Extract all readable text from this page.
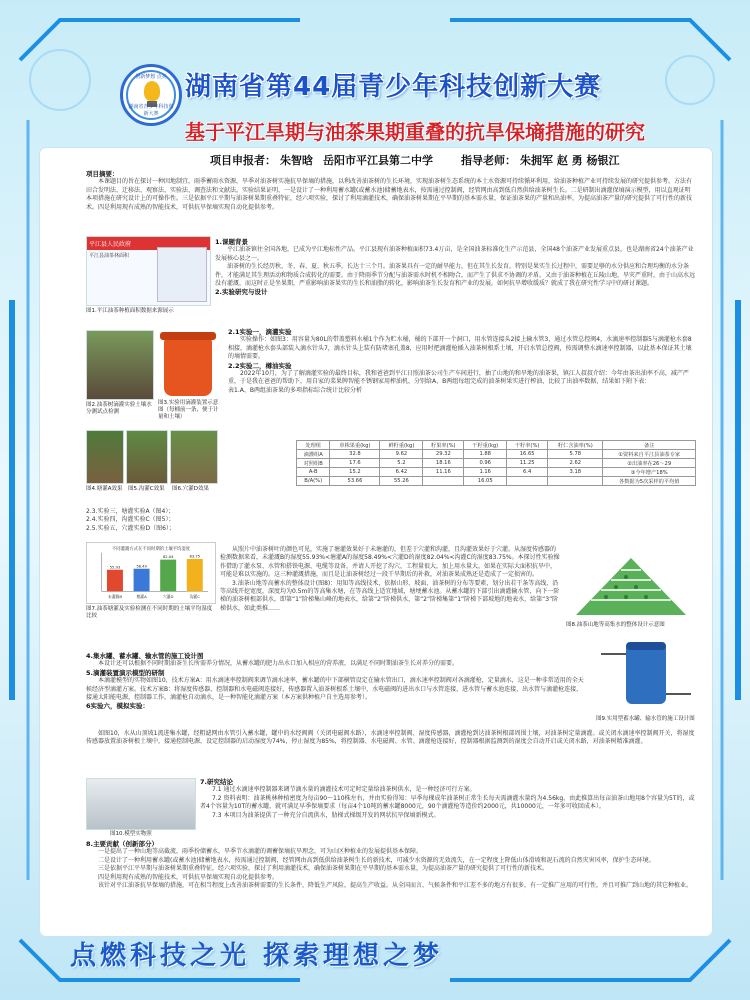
创新梦想 点亮
湖南省青少年科技创新大赛
湖南省第44届青少年科技创新大赛
基于平江旱期与油茶果期重叠的抗旱保墒措施的研究
项目申报者： 朱智晗 岳阳市平江县第二中学	指导老师： 朱拥军 赵 勇 杨银江
项目摘要：
本课题目的旨在探讨一种因地制宜，雨季蓄雨水资源，旱季对油茶树实施抗旱保墒的措施，以利改善油茶树的生长环境，实现油茶树生态系统的本土水资源可持续循环利用，给油茶种植产业可持续发展的研究提供参考。方法有田合发明法、迁移法、观察法、实验法、调查法和文献法。实验结果证明，一是设计了一种利用蓄水罐(或蓄水池)储蓄地表水，按需通过控制阀，经管网由高到低自然供给油茶树生长。二是研制出滴灌保墒演示模型，用以直观证明本项措施在研究设计上的可操作性。三是依据平江平期与油茶树果期重叠特征，经六项实验，探讨了利用滴灌技术，确保油茶树果期在平旱期的基本需水量，保证油茶果的产量和出油率，为提高油茶产量的研究提供了可行性的新技术。四是利用现有成熟的智能技术，可供抗旱保墒实现自动化提供参考。
平江县人民政府
平江县油茶林面积
图1.平江油茶种植面积数据来源展示
1.课题背景
平江油茶镇往全国各地，已成为平江地标性产品。平江县现有油茶种植面积73.4万亩，是全国油茶标准化生产示范县，全国48个油茶产业发展重点县，也是湖南省24个油茶产业发展核心县之一。
油茶树的生长经历秋、冬、春、夏、秋五季，长达十三个月。油茶果具有一定的耐旱能力，但在其生长发育，特别是果实生长过程中，需要足够的水分供应和合理均衡的水分条件，才能满足其生理活动和物质合成转化的需要。由于降雨季节分配与油茶需水时机不相吻合，而产生了供求不协调的矛盾。又由于油茶种植在丘陵山地，旱灾严重时，由于山高水远没有灌溉，而这时正是坐果期，严重影响油茶果实的生长和油脂的转化，影响油茶生长发育和产业的发展。如何抗旱增收缓质？就成了我在研究性学习中的研讨课题。
2.实验研究与设计
图2.油茶树滴灌实验土壤水分测试点检测
图3.实验用滴灌装置示意图（每桶前一条，便于计量和土壤）
2.1实验一，滴灌实验
实验操作：如图3：用容量为80L的带盖塑料水桶1个作为贮水桶，桶的下部开一个洞口，用水管连接头2接上输水管3，通过水管总控阀4，水滴速率控制器5与滴灌枪水套8相接，滴灌枪水套头部装入滴水针头7，滴水针头上装有防堵塞孔盖8，应用时把滴灌枪插入油茶树根系土壤，开启水管总控阀，按需调整水滴速率控制器，以此基本保证其土壤的墒情需要。
2.2实验二，樽油实验
2022年10月，为了了解滴灌实验的最终目标，我和爸爸到平江日照油茶公司生产车间进行，抽了山地的和旱地的油茶果，镇江人叔叔介绍：今年由茶出油率不高，减产严重，于是我在爸爸的帮助下，用自家的菜果牌智能不锈钢家用榨油机，分别给A、B两组每组完成的油茶树果实进行榨油，比较了出油率数据，结果如下附下表：
表1.A、B两组油茶果的多项指标综合统计比较分析
图4.塘灌A效果 图5.沟灌C效果	图6.穴灌D效果
处理组	单株果重(kg)	鲜籽重(kg)	籽果率(%)	干籽重(kg)	干籽率(%)	籽仁含油率(%)	备注
滴灌组A	32.8	9.62	29.32	1.88	16.65	5.78	①资料来自平江县油茶专家
对照组B	17.6	5.2	18.16	0.96	11.25	2.62	②出油率在26～29
A-B	15.2	6.42	11.16	1.16	6.4	3.18	③今年增产18%
B/A(%)	53.66	55.26		16.05			各数据为5次采样的平均值
2.3.实验三，塘灌实验A（图4）；
2.4.实验四，沟灌实验C（图5）；
2.5.实验五，穴灌实验D（图6）；
不同灌溉方式在不同时期的土壤平均湿度
未灌溉B
55.93
塘灌A
58.49
穴灌D
82.04
沟灌C
83.75
图7.油茶塘灌及实验检测在不同时期的土壤平均湿度比较
从照片中油茶树叶的颜色可见，实施了塘灌效果好于未塘灌的，但差于穴灌和沟灌，且沟灌效果好于穴灌。从湿度传感器的检测数据来看，未灌溉B的湿度55.93%<塘灌A的湿度58.49%<穴灌D的湿度82.04%<沟灌C的湿度83.75%。本探讨性实验操作借助了灌水泵、水管和搭铁电源、电缆等设备，并请人开挖了沟穴，工程量很大，加上用水量大，如果在实际大面积抗旱中，可能是难以实施的。这三种灌溉措施，而且是让油茶树经过一段干旱期后的补救，对油茶果成熟还是造成了一定损害的。
3.油茶山地等高蓄水的整体设计(图8)：用知等高线技术，依据山形、坡面、油茶树的分布等要素，划分出若干条等高线，沿等高线开挖宽度，深度均为0.5m的等高集水塘，在等高线上适宜地域，塘埂蓄水池。从蓄水罐的下部引出滴灌输水管，向下一阶梯的油茶树根部供水，即第“1”阶梯集山峰的地表水，给第“2”阶梯供水，第“2”阶梯集第“1”阶梯下部坡地的地表水，给第“3”阶梯供水，如此类推……
图8.油茶山地等高集水的整体设计示意图
4.集水罐、蓄水罐、输水管的施工设计图
本设计还可以根据不同时期油茶生长所需养分情况，从蓄水罐的肥力出水口加入相应的营养液，以满足不同时期油茶生长对养分的需要。
5.滴灌装置演示模型的研制
本滴灌模型的实物如图10，技术方案A：用水滴速率控制阀来调节滴水速率，蓄水罐的中下部横管设定在输水管出口，滴水速率控制阀对各滴灌枪，定量滴水，这是一种非常适用的全天候经济型滴灌方案。技术方案B：将湿度传感器、控制器和水电磁阀连接好，传感器置入油茶树根系土壤中，水电磁阀的进出水口与水管连接，进水管与蓄水池连接，出水管与滴灌枪连接，接通太阳能电源，控制器工作，滴灌枪自动滴水，是一种智能化滴灌方案（本方案供种植户自主选用参考）。
6实验六，模拟实验：
图9.实用型蓄水罐、输水管的施工设计图
如图10，水从山顶坡1流进集水罐，经粗滤网由水管引入蓄水罐，罐中的水经阀阀（关闭电磁阀水路），水滴速率控制阀、湿度传感器，滴灌枪到达油茶树根部周围土壤，对油茶树定量滴灌。或关闭水滴速率控制阀开关，将湿度传感器放置油茶树根土壤中，接通控制电源，设定控制器的启动湿度为74%，停止湿度为85%，将控制器、水电磁阀、水管、滴灌枪连接好，控制器根据监测到的湿度会自动开启或关闭水路，对油茶树精准滴灌。
图10.模型实物照
7.研究结论
7.1 通过水滴速率控制器来调节滴水量的滴灌技术可定时定量给油茶树供水，是一种经济可行方案。
7.2 资料表明：油茶桃林种植密度为每亩90～110株左右，并由实验得知：早季每棵成年油茶树正常生长每天需滴灌水量约为4.56kg，由此推算出每亩油茶山地用8个容量为5T的，或者4个容量为10T的蓄水罐，就可满足早季保墒要求（每亩4个10吨的蓄水罐8000元，90个滴灌枪等造价约2000元，共10000元，一年多可收回成本）。
7.3 本项目为油茶提供了一种充分自流供水，肋梯式梯级开发的网状抗旱保墒新模式。
8.主要贡献（创新部分）
一是提出了一种山地等高截流，雨季扮储蓄水，旱季节水滴灌的调蓄保墒抗旱理念，可为山区种植业的发展提供基本保障。
二是设计了一种利用蓄水罐(或蓄水池)储蓄地表水，按需通过控制阀，经管网由高到低供给油茶树生长的新技术，可减少水资源的无效流失，在一定程度上降低山体滑坡和泥石流的自然灾害风率，保护生态环境。
三是依据平江平旱期与油茶树果期重叠特征，经六项实验，探讨了利用滴灌技术，确保油茶树果期在平旱期的基本需水量，为提高油茶产量的研究提供了可行性的新技术。
四是利用现有成熟的智能技术，可供抗旱保墒实现自动化提供参考。
该针对平江油茶抗旱保墒的措施，可在相当程度上改善油茶树需要的生长条件，降低生产风险，提高生产收益。从全国而言，气候条件和平江差不多的地方有很多，有一定推广应用的可行性，并且可推广到山地的其它种植业。
点燃科技之光 探索理想之梦
